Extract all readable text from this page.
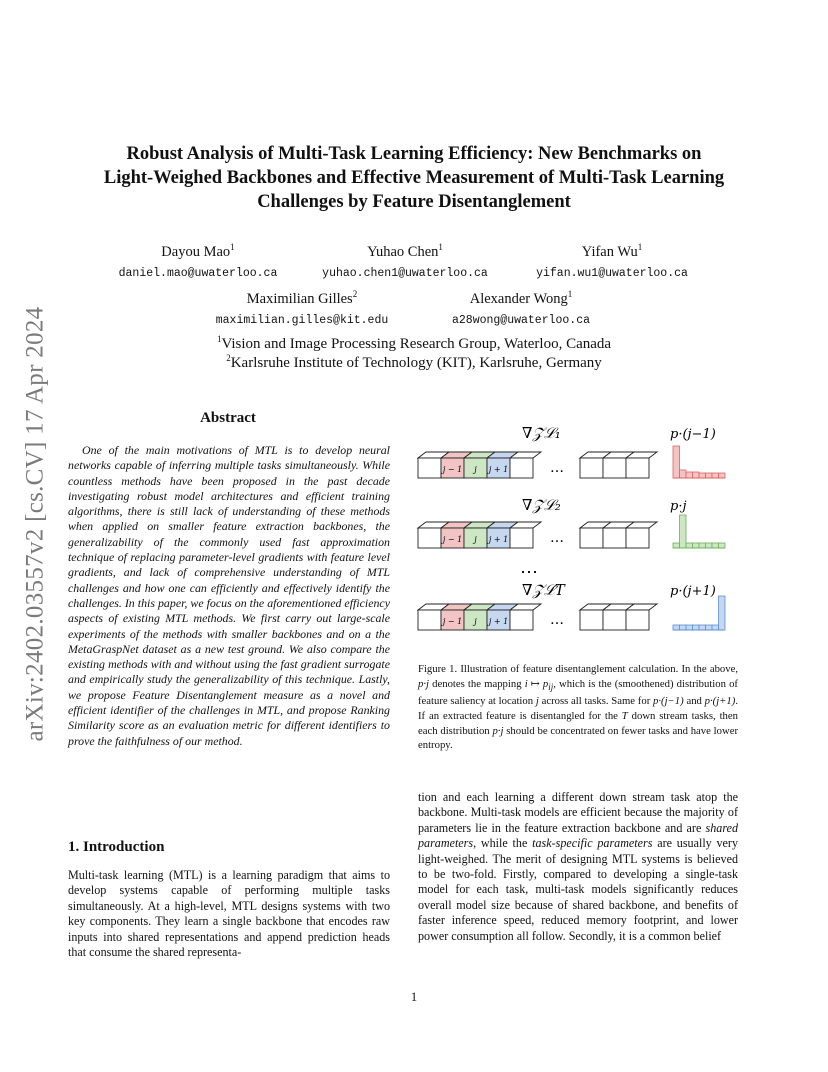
arXiv:2402.03557v2 [cs.CV] 17 Apr 2024
Robust Analysis of Multi-Task Learning Efficiency: New Benchmarks on
Light-Weighed Backbones and Effective Measurement of Multi-Task Learning
Challenges by Feature Disentanglement
Dayou Mao$^1$
daniel.mao@uwaterloo.ca
Yuhao Chen$^1$
yuhao.chen1@uwaterloo.ca
Yifan Wu$^1$
yifan.wu1@uwaterloo.ca
Maximilian Gilles$^2$
maximilian.gilles@kit.edu
Alexander Wong$^1$
a28wong@uwaterloo.ca
$^1$Vision and Image Processing Research Group, Waterloo, Canada
$^2$Karlsruhe Institute of Technology (KIT), Karlsruhe, Germany
Abstract
One of the main motivations of MTL is to develop neural networks capable of inferring multiple tasks simultaneously. While countless methods have been proposed in the past decade investigating robust model architectures and efficient training algorithms, there is still lack of understanding of these methods when applied on smaller feature extraction backbones, the generalizability of the commonly used fast approximation technique of replacing parameter-level gradients with feature level gradients, and lack of comprehensive understanding of MTL challenges and how one can efficiently and effectively identify the challenges. In this paper, we focus on the aforementioned efficiency aspects of existing MTL methods. We first carry out large-scale experiments of the methods with smaller backbones and on a the MetaGraspNet dataset as a new test ground. We also compare the existing methods with and without using the fast gradient surrogate and empirically study the generalizability of this technique. Lastly, we propose Feature Disentanglement measure as a novel and efficient identifier of the challenges in MTL, and propose Ranking Similarity score as an evaluation metric for different identifiers to prove the faithfulness of our method.
1. Introduction
Multi-task learning (MTL) is a learning paradigm that aims to develop systems capable of performing multiple tasks simultaneously. At a high-level, MTL designs systems with two key components. They learn a single backbone that encodes raw inputs into shared representations and append prediction heads that consume the shared representa-
∇𝒵ℒ₁
j − 1 j j + 1	…
p·(j−1)
∇𝒵ℒ₂
j − 1 j j + 1	…
p·j
∇𝒵ℒT
j − 1 j j + 1	…
p·(j+1)
⋯
Figure 1. Illustration of feature disentanglement calculation. In the above, p·j denotes the mapping i ↦ $p_{ij}$, which is the (smoothened) distribution of feature saliency at location j across all tasks. Same for p·(j−1) and p·(j+1). If an extracted feature is disentangled for the T down stream tasks, then each distribution p·j should be concentrated on fewer tasks and have lower entropy.
tion and each learning a different down stream task atop the backbone. Multi-task models are efficient because the majority of parameters lie in the feature extraction backbone and are shared parameters, while the task-specific parameters are usually very light-weighed. The merit of designing MTL systems is believed to be two-fold. Firstly, compared to developing a single-task model for each task, multi-task models significantly reduces overall model size because of shared backbone, and benefits of faster inference speed, reduced memory footprint, and lower power consumption all follow. Secondly, it is a common belief
1
